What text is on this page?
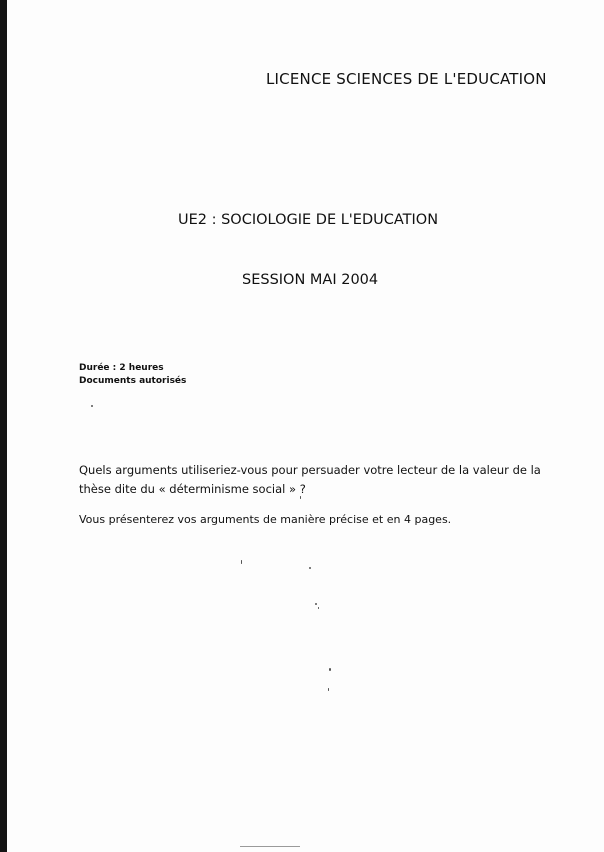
LICENCE SCIENCES DE L'EDUCATION
UE2 : SOCIOLOGIE DE L'EDUCATION
SESSION MAI 2004
Durée : 2 heures
Documents autorisés

Quels arguments utiliseriez-vous pour persuader votre lecteur de la valeur de la

thèse dite du « déterminisme social » ?

Vous présenterez vos arguments de manière précise et en 4 pages.
